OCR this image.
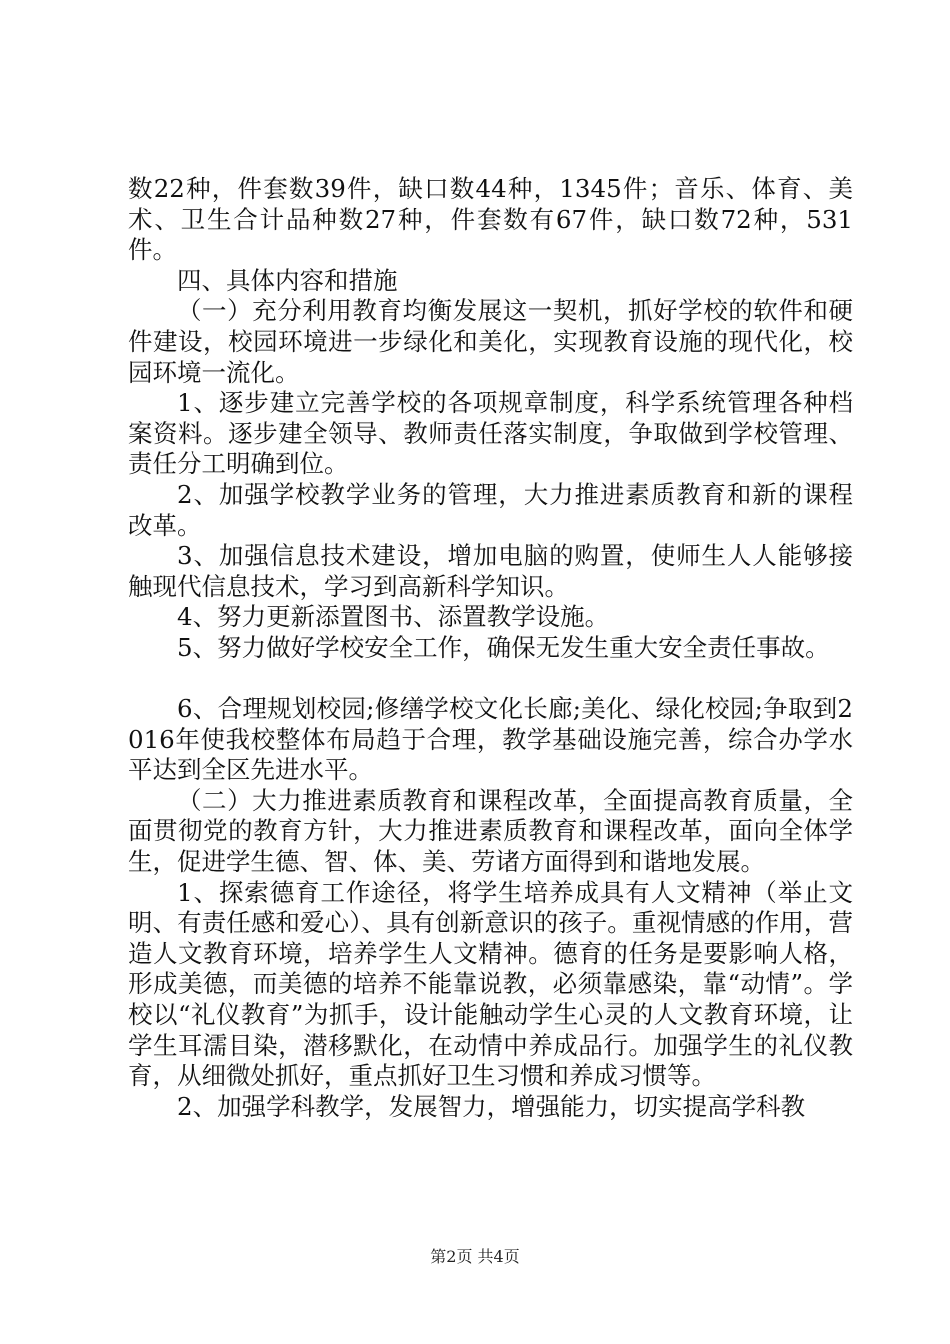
数22种，件套数39件，缺口数44种，1345件；音乐、体育、美术、卫生合计品种数27种，件套数有67件，缺口数72种，531件。

四、具体内容和措施

（一）充分利用教育均衡发展这一契机，抓好学校的软件和硬件建设，校园环境进一步绿化和美化，实现教育设施的现代化，校园环境一流化。

1、逐步建立完善学校的各项规章制度，科学系统管理各种档案资料。逐步建全领导、教师责任落实制度，争取做到学校管理、责任分工明确到位。

2、加强学校教学业务的管理，大力推进素质教育和新的课程改革。

3、加强信息技术建设，增加电脑的购置，使师生人人能够接触现代信息技术，学习到高新科学知识。

4、努力更新添置图书、添置教学设施。

5、努力做好学校安全工作，确保无发生重大安全责任事故。

6、合理规划校园;修缮学校文化长廊;美化、绿化校园;争取到2016年使我校整体布局趋于合理，教学基础设施完善，综合办学水平达到全区先进水平。

（二）大力推进素质教育和课程改革，全面提高教育质量，全面贯彻党的教育方针，大力推进素质教育和课程改革，面向全体学生，促进学生德、智、体、美、劳诸方面得到和谐地发展。

1、探索德育工作途径，将学生培养成具有人文精神（举止文明、有责任感和爱心）、具有创新意识的孩子。重视情感的作用，营造人文教育环境，培养学生人文精神。德育的任务是要影响人格，形成美德，而美德的培养不能靠说教，必须靠感染，靠“动情”。学校以“礼仪教育”为抓手，设计能触动学生心灵的人文教育环境，让学生耳濡目染，潜移默化，在动情中养成品行。加强学生的礼仪教育，从细微处抓好，重点抓好卫生习惯和养成习惯等。

2、加强学科教学，发展智力，增强能力，切实提高学科教

第2页 共4页
